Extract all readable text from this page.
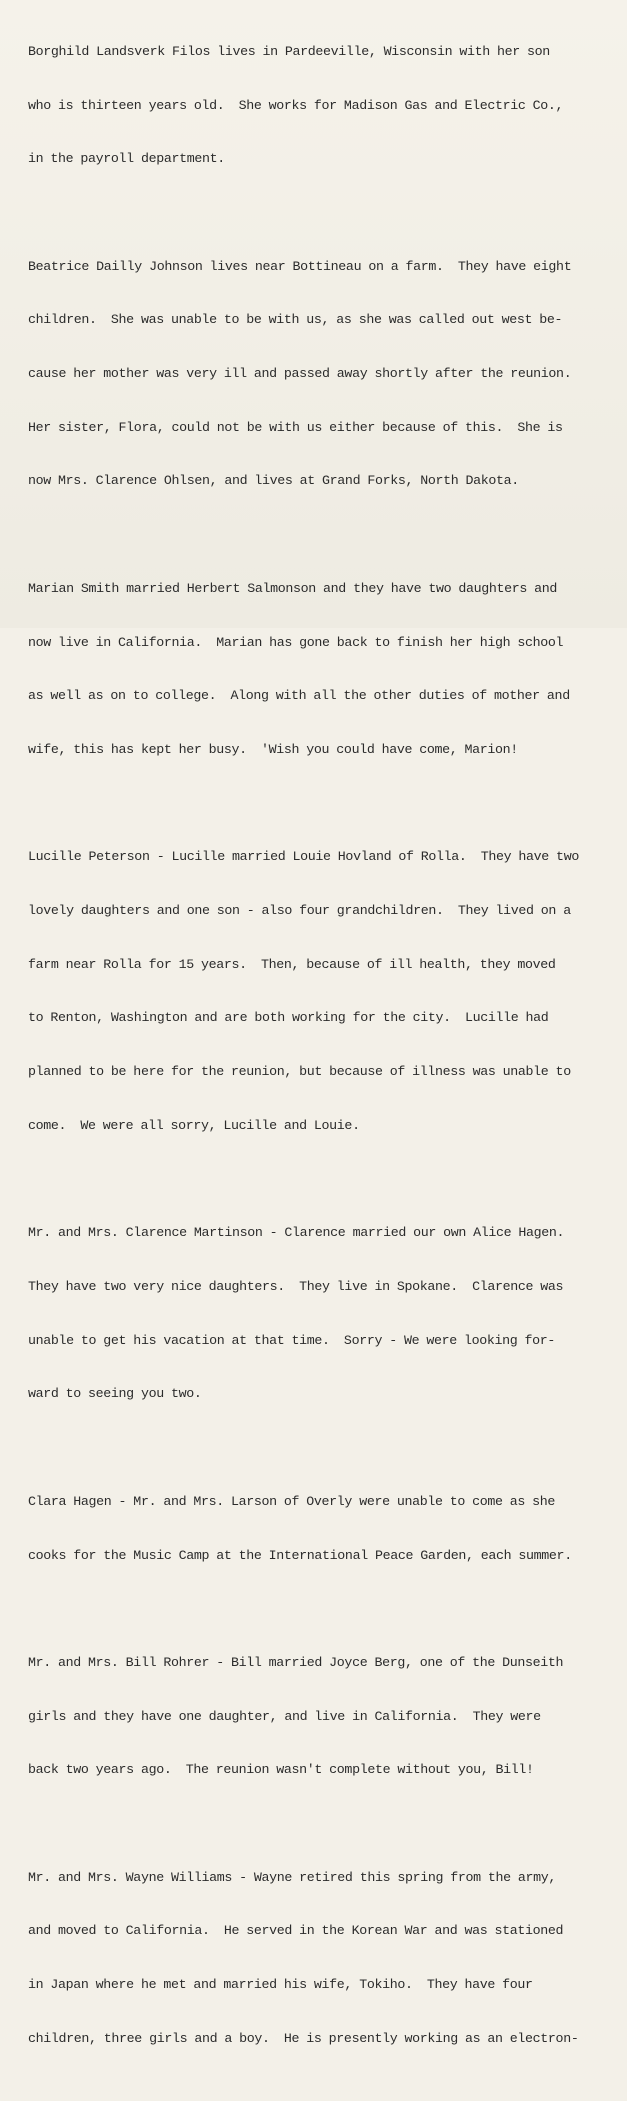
Borghild Landsverk Filos lives in Pardeeville, Wisconsin with her son

who is thirteen years old.  She works for Madison Gas and Electric Co.,

in the payroll department.

Beatrice Dailly Johnson lives near Bottineau on a farm.  They have eight

children.  She was unable to be with us, as she was called out west be-

cause her mother was very ill and passed away shortly after the reunion.

Her sister, Flora, could not be with us either because of this.  She is

now Mrs. Clarence Ohlsen, and lives at Grand Forks, North Dakota.

Marian Smith married Herbert Salmonson and they have two daughters and

now live in California.  Marian has gone back to finish her high school

as well as on to college.  Along with all the other duties of mother and

wife, this has kept her busy.  'Wish you could have come, Marion!

Lucille Peterson - Lucille married Louie Hovland of Rolla.  They have two

lovely daughters and one son - also four grandchildren.  They lived on a

farm near Rolla for 15 years.  Then, because of ill health, they moved

to Renton, Washington and are both working for the city.  Lucille had

planned to be here for the reunion, but because of illness was unable to

come.  We were all sorry, Lucille and Louie.

Mr. and Mrs. Clarence Martinson - Clarence married our own Alice Hagen.

They have two very nice daughters.  They live in Spokane.  Clarence was

unable to get his vacation at that time.  Sorry - We were looking for-

ward to seeing you two.

Clara Hagen - Mr. and Mrs. Larson of Overly were unable to come as she

cooks for the Music Camp at the International Peace Garden, each summer.

Mr. and Mrs. Bill Rohrer - Bill married Joyce Berg, one of the Dunseith

girls and they have one daughter, and live in California.  They were

back two years ago.  The reunion wasn't complete without you, Bill!

Mr. and Mrs. Wayne Williams - Wayne retired this spring from the army,

and moved to California.  He served in the Korean War and was stationed

in Japan where he met and married his wife, Tokiho.  They have four

children, three girls and a boy.  He is presently working as an electron-
